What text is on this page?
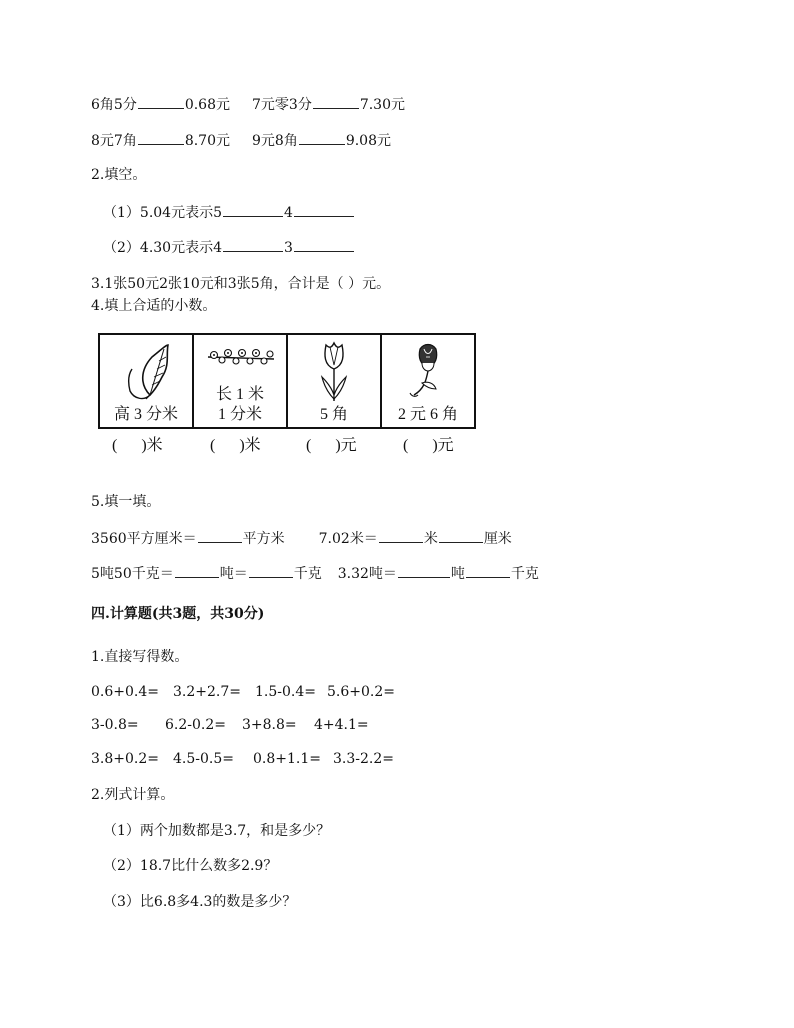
6角5分	0.68元 7元零3分	7.30元
8元7角	8.70元 9元8角	9.08元
2.填空。
（1）5.04元表示5	4
（2）4.30元表示4	3
3.1张50元2张10元和3张5角，合计是（ ）元。
4.填上合适的小数。
高 3 分米

长 1 米
1 分米	5 角	2 元 6 角
(      )米	(      )米	(      )元	(      )元
5.填一填。
3560平方厘米＝	平方米 7.02米＝	米	厘米
5吨50千克＝	吨＝	千克 3.32吨＝	吨	千克
四.计算题(共3题，共30分)
1.直接写得数。
0.6+0.4= 3.2+2.7= 1.5-0.4= 5.6+0.2=
3-0.8= 6.2-0.2= 3+8.8= 4+4.1=
3.8+0.2= 4.5-0.5= 0.8+1.1= 3.3-2.2=
2.列式计算。
（1）两个加数都是3.7，和是多少？
（2）18.7比什么数多2.9？
（3）比6.8多4.3的数是多少？
